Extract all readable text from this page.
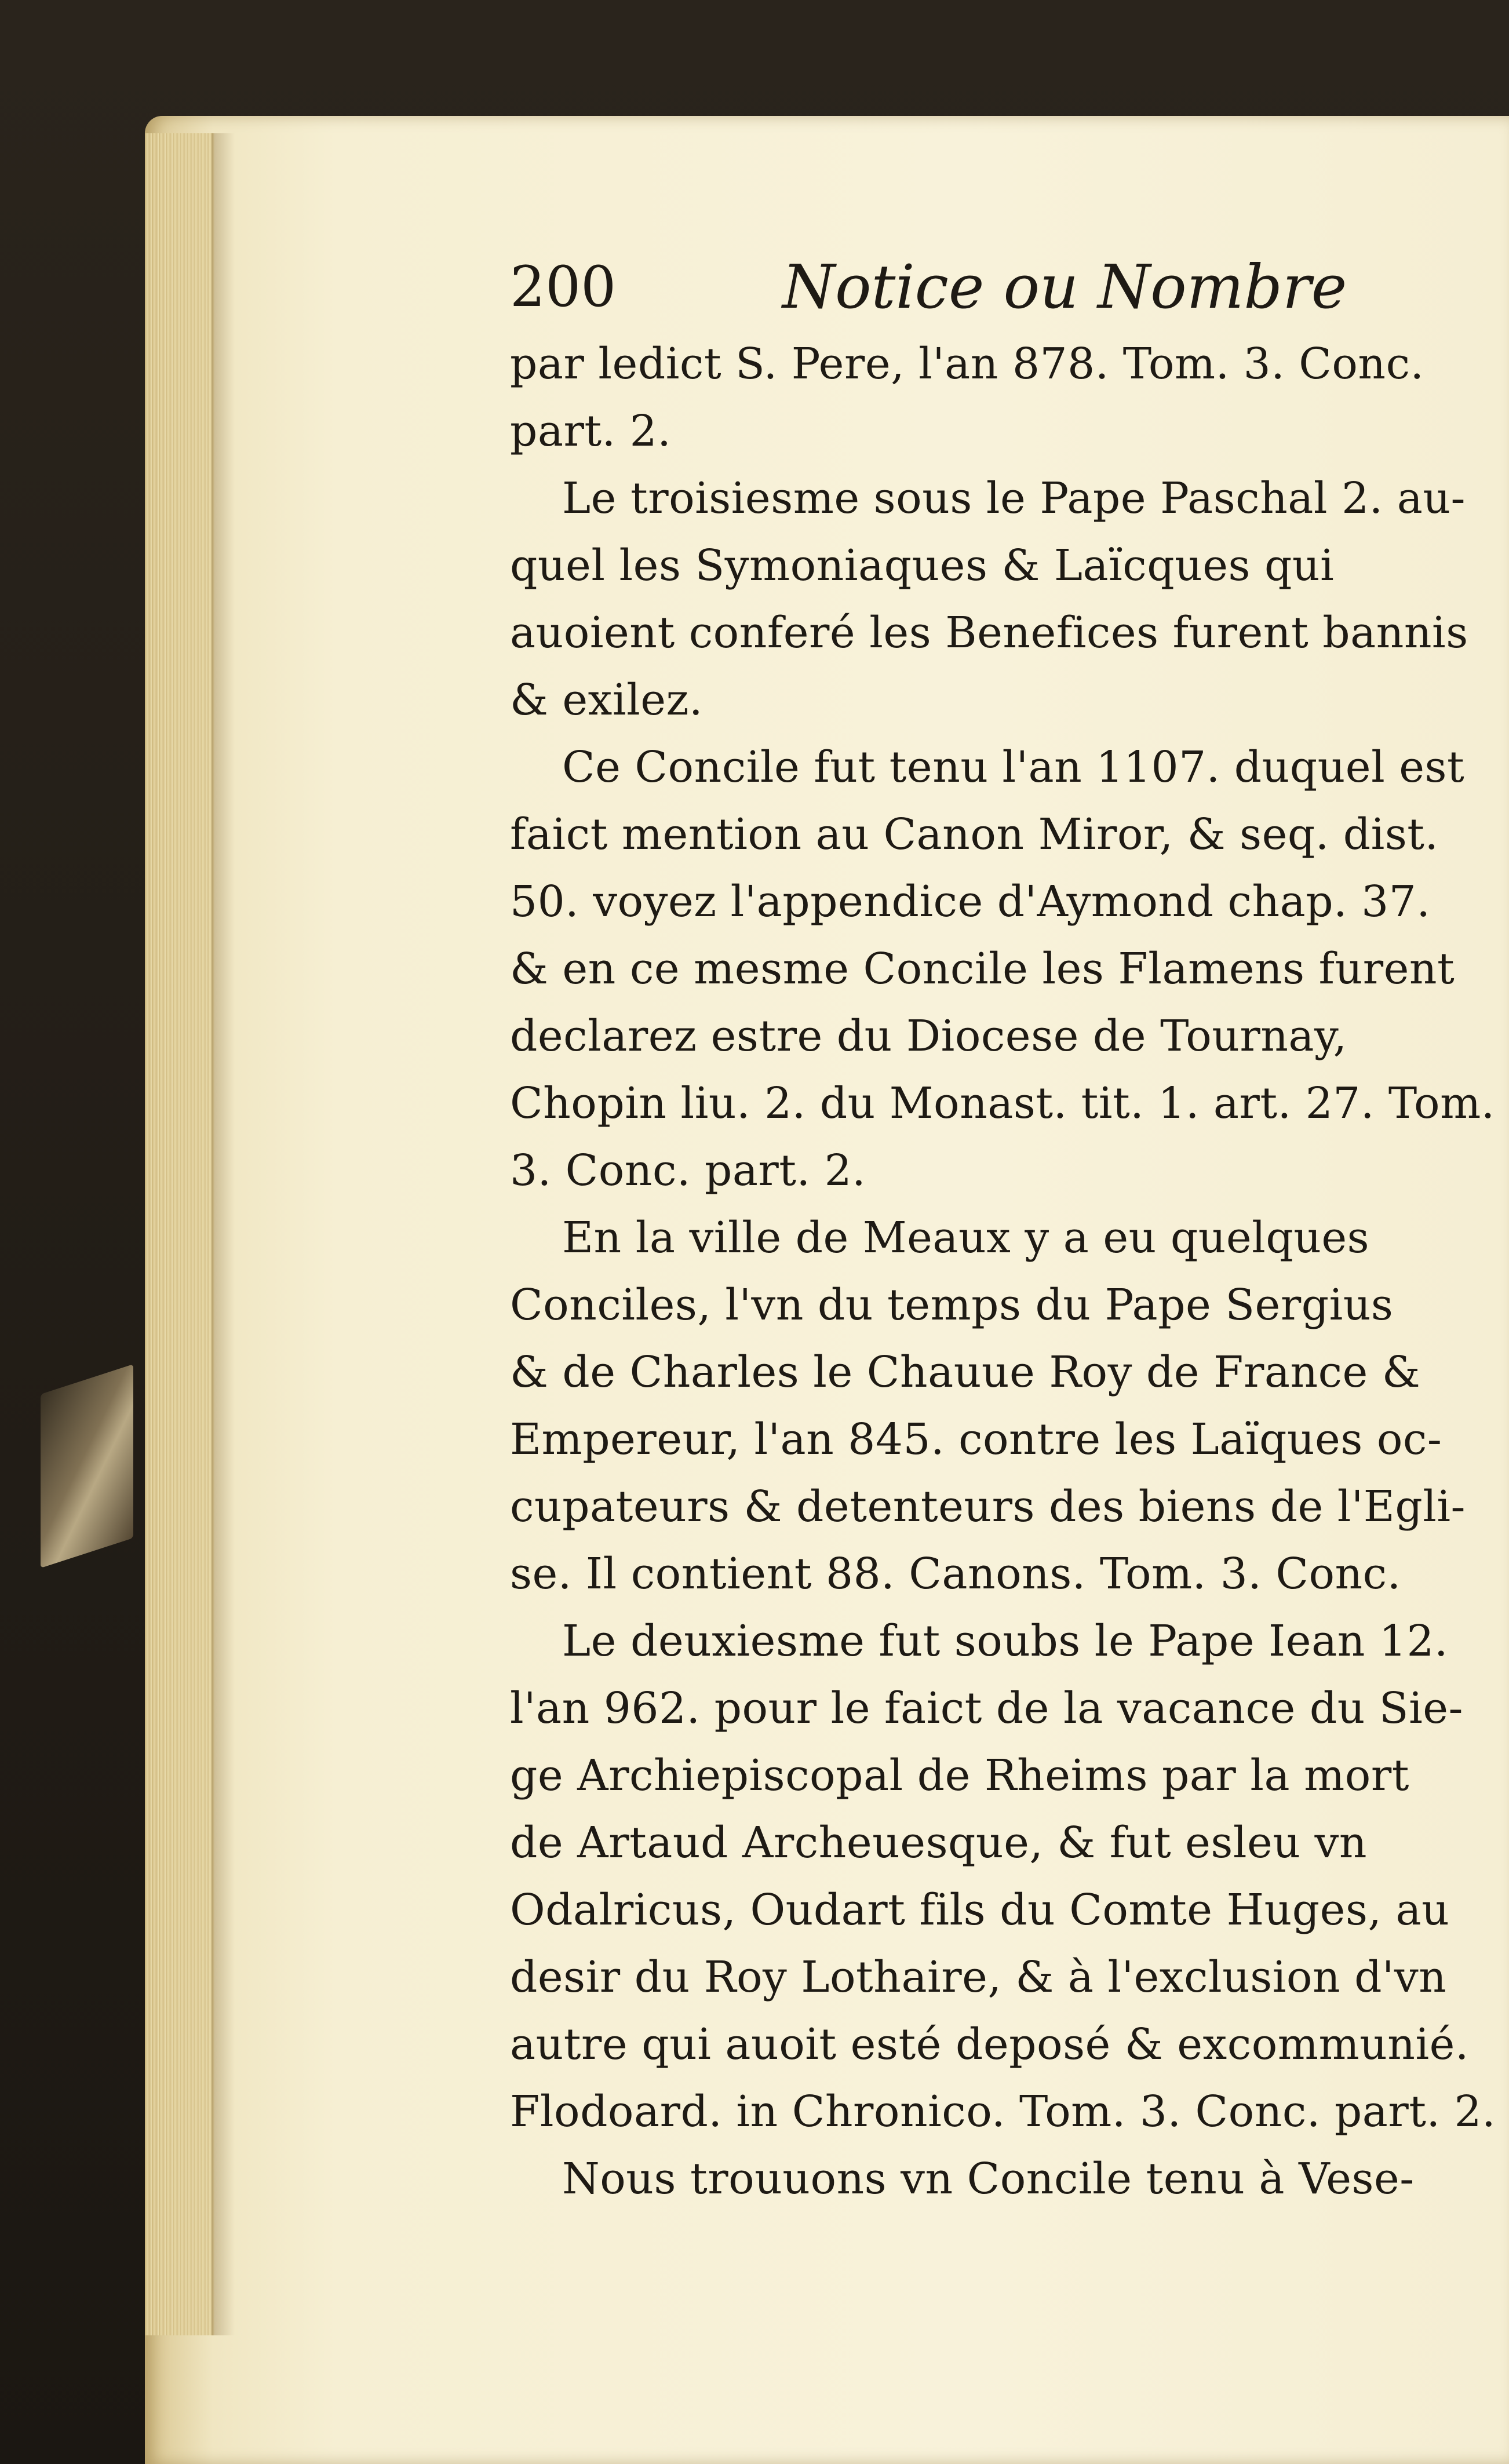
200	Notice ou Nombre
par ledict S. Pere, l'an 878. Tom. 3. Conc.
part. 2.
Le troisiesme sous le Pape Paschal 2. au-
quel les Symoniaques & Laïcques qui
auoient conferé les Benefices furent bannis
& exilez.
Ce Concile fut tenu l'an 1107. duquel est
faict mention au Canon Miror, & seq. dist.
50. voyez l'appendice d'Aymond chap. 37.
& en ce mesme Concile les Flamens furent
declarez estre du Diocese de Tournay,
Chopin liu. 2. du Monast. tit. 1. art. 27. Tom.
3. Conc. part. 2.
En la ville de Meaux y a eu quelques
Conciles, l'vn du temps du Pape Sergius
& de Charles le Chauue Roy de France &
Empereur, l'an 845. contre les Laïques oc-
cupateurs & detenteurs des biens de l'Egli-
se. Il contient 88. Canons. Tom. 3. Conc.
Le deuxiesme fut soubs le Pape Iean 12.
l'an 962. pour le faict de la vacance du Sie-
ge Archiepiscopal de Rheims par la mort
de Artaud Archeuesque, & fut esleu vn
Odalricus, Oudart fils du Comte Huges, au
desir du Roy Lothaire, & à l'exclusion d'vn
autre qui auoit esté deposé & excommunié.
Flodoard. in Chronico. Tom. 3. Conc. part. 2.
Nous trouuons vn Concile tenu à Vese-
